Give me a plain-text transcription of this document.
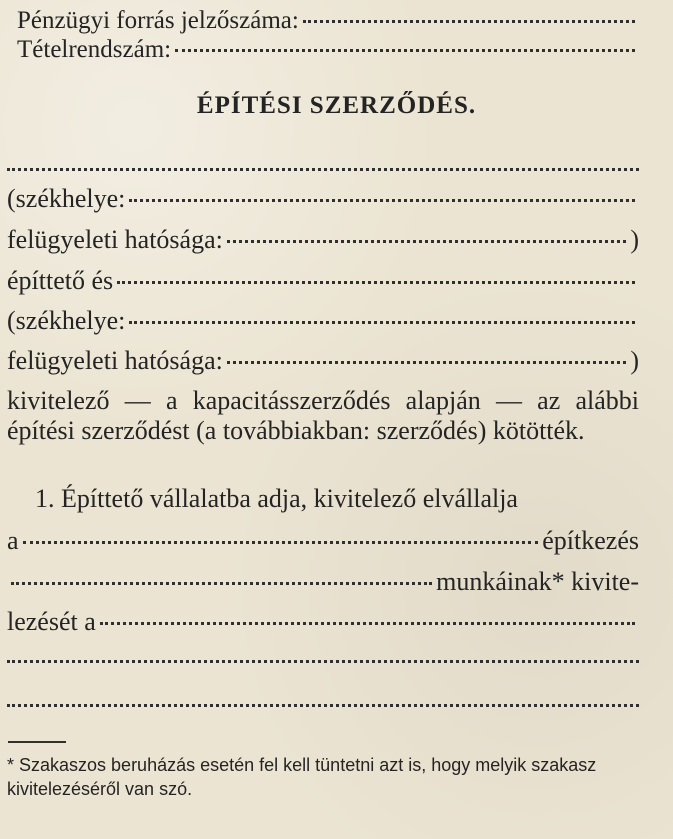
Pénzügyi forrás jelzőszáma:
Tételrendszám:
ÉPÍTÉSI SZERZŐDÉS.
(székhelye:
felügyeleti hatósága:	)
építtető és
(székhelye:
felügyeleti hatósága:	)
kivitelező — a kapacitásszerződés alapján — az alábbi építési szerződést (a továbbiakban: szerződés) kötötték.
1. Építtető vállalatba adja, kivitelező elvállalja
a	építkezés
munkáinak* kivite-
lezését a
* Szakaszos beruházás esetén fel kell tüntetni azt is, hogy melyik szakasz kivitelezéséről van szó.
